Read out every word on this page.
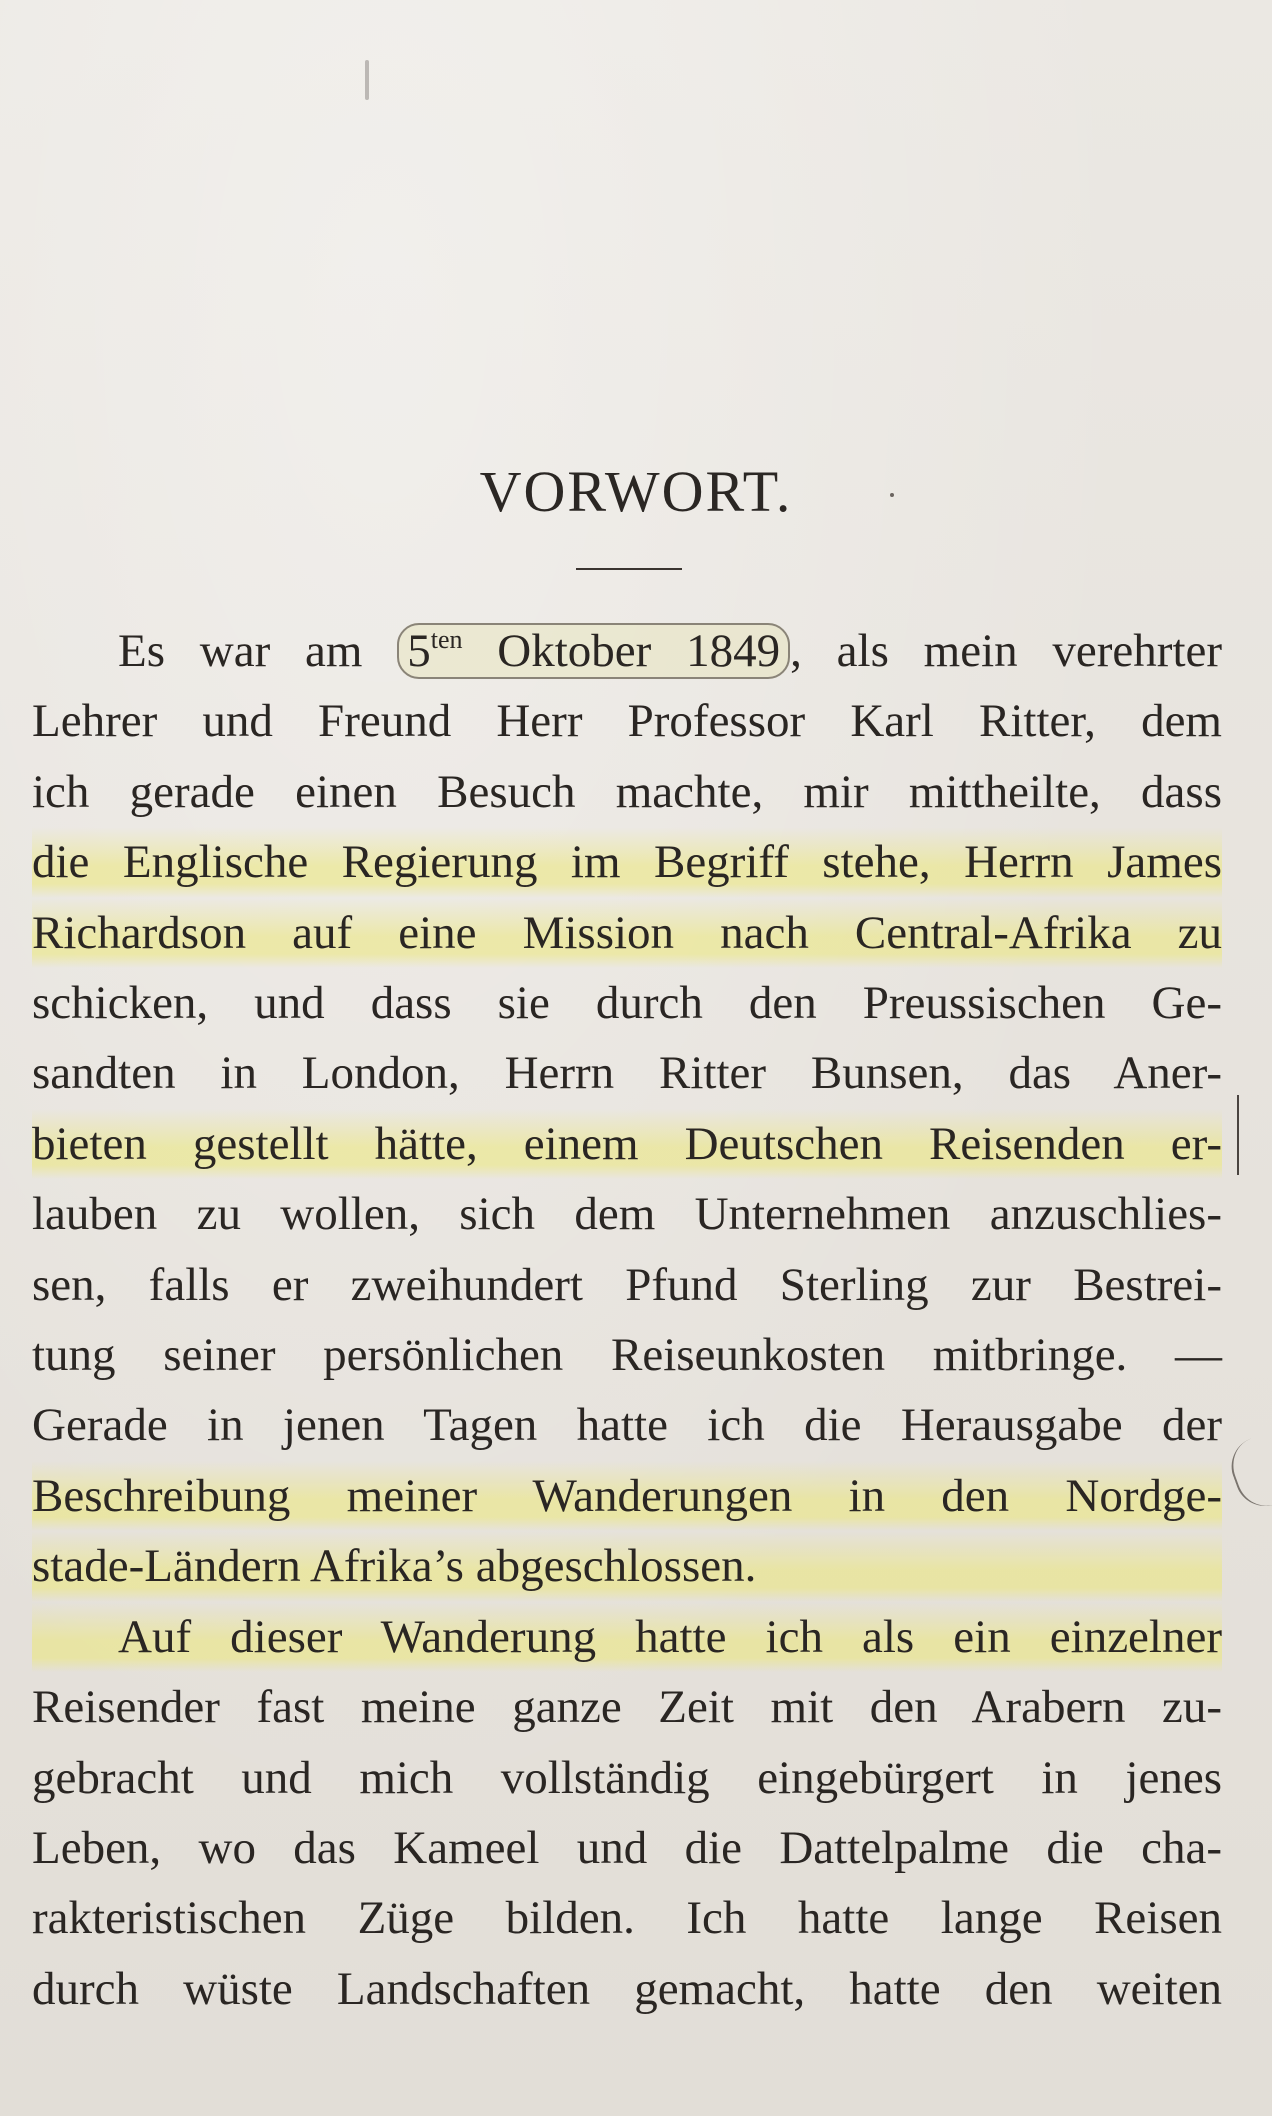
VORWORT.
Es war am $5^{ten}$ Oktober 1849 , als mein verehrter
Lehrer und Freund Herr Professor Karl Ritter, dem
ich gerade einen Besuch machte, mir mittheilte, dass
die Englische Regierung im Begriff stehe, Herrn James
Richardson auf eine Mission nach Central-Afrika zu
schicken, und dass sie durch den Preussischen Ge-
sandten in London, Herrn Ritter Bunsen, das Aner-
bieten gestellt hätte, einem Deutschen Reisenden er-
lauben zu wollen, sich dem Unternehmen anzuschlies-
sen, falls er zweihundert Pfund Sterling zur Bestrei-
tung seiner persönlichen Reiseunkosten mitbringe. —
Gerade in jenen Tagen hatte ich die Herausgabe der
Beschreibung meiner Wanderungen in den Nordge-
stade-Ländern Afrika’s abgeschlossen.
Auf dieser Wanderung hatte ich als ein einzelner
Reisender fast meine ganze Zeit mit den Arabern zu-
gebracht und mich vollständig eingebürgert in jenes
Leben, wo das Kameel und die Dattelpalme die cha-
rakteristischen Züge bilden. Ich hatte lange Reisen
durch wüste Landschaften gemacht, hatte den weiten
